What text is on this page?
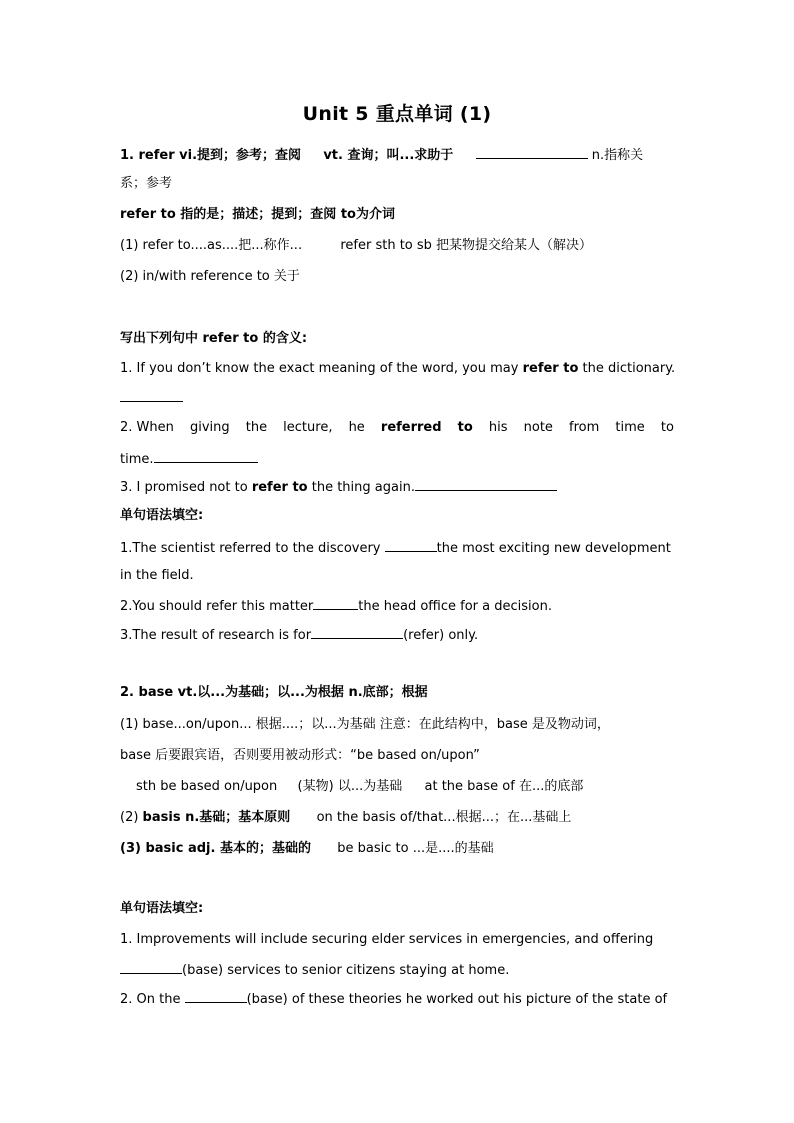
Unit 5 重点单词 (1)
1. refer vi.提到；参考；查阅 vt. 查询；叫...求助于	n.指称关
系；参考
refer to 指的是；描述；提到；查阅 to为介词
(1) refer to....as....把...称作...	refer sth to sb 把某物提交给某人（解决）
(2) in/with reference to 关于
写出下列句中 refer to 的含义:
1. If you don’t know the exact meaning of the word, you may refer to the dictionary.
2. When giving the lecture, he referred to his note from time to
time.
3. I promised not to refer to the thing again.
单句语法填空:
1.The scientist referred to the discovery	the most exciting new development
in the field.
2.You should refer this matter	the head office for a decision.
3.The result of research is for	(refer) only.
2. base vt.以...为基础；以...为根据 n.底部；根据
(1) base...on/upon... 根据....；以...为基础 注意：在此结构中，base 是及物动词，
base 后要跟宾语，否则要用被动形式：“be based on/upon”
sth be based on/upon (某物) 以...为基础 at the base of 在...的底部
(2) basis n.基础；基本原则 on the basis of/that...根据...；在...基础上
(3) basic adj. 基本的；基础的 be basic to ...是....的基础
单句语法填空:
1. Improvements will include securing elder services in emergencies, and offering
(base) services to senior citizens staying at home.
2. On the	(base) of these theories he worked out his picture of the state of
